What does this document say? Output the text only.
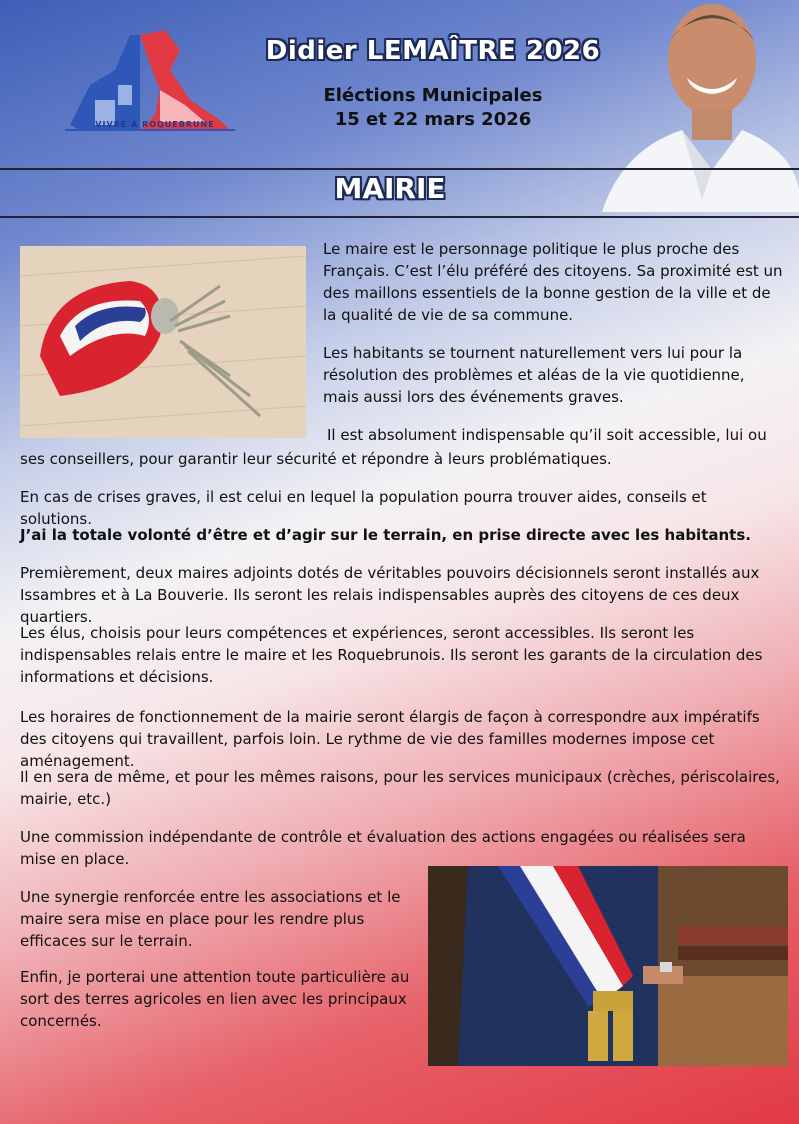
VIVRE À ROQUEBRUNE
Didier LEMAÎTRE 2026
Eléctions Municipales
15 et 22 mars 2026
MAIRIE

Le maire est le personnage politique le plus proche des Français. C’est l’élu préféré des citoyens. Sa proximité est un des maillons essentiels de la bonne gestion de la ville et de la qualité de vie de sa commune.

Les habitants se tournent naturellement vers lui pour la résolution des problèmes et aléas de la vie quotidienne, mais aussi lors des événements graves.

Il est absolument indispensable qu’il soit accessible, lui ou

ses conseillers, pour garantir leur sécurité et répondre à leurs problématiques.

En cas de crises graves, il est celui en lequel la population pourra trouver aides, conseils et solutions.

J’ai la totale volonté d’être et d’agir sur le terrain, en prise directe avec les habitants.

Premièrement, deux maires adjoints dotés de véritables pouvoirs décisionnels seront installés aux Issambres et à La Bouverie. Ils seront les relais indispensables auprès des citoyens de ces deux quartiers.

Les élus, choisis pour leurs compétences et expériences, seront accessibles. Ils seront les indispensables relais entre le maire et les Roquebrunois. Ils seront les garants de la circulation des informations et décisions.

Les horaires de fonctionnement de la mairie seront élargis de façon à correspondre aux impératifs des citoyens qui travaillent, parfois loin. Le rythme de vie des familles modernes impose cet aménagement.

Il en sera de même, et pour les mêmes raisons, pour les services municipaux (crèches, périscolaires, mairie, etc.)

Une commission indépendante de contrôle et évaluation des actions engagées ou réalisées sera mise en place.

Une synergie renforcée entre les associations et le maire sera mise en place pour les rendre plus efficaces sur le terrain.

Enfin, je porterai une attention toute particulière au sort des terres agricoles en lien avec les principaux concernés.
